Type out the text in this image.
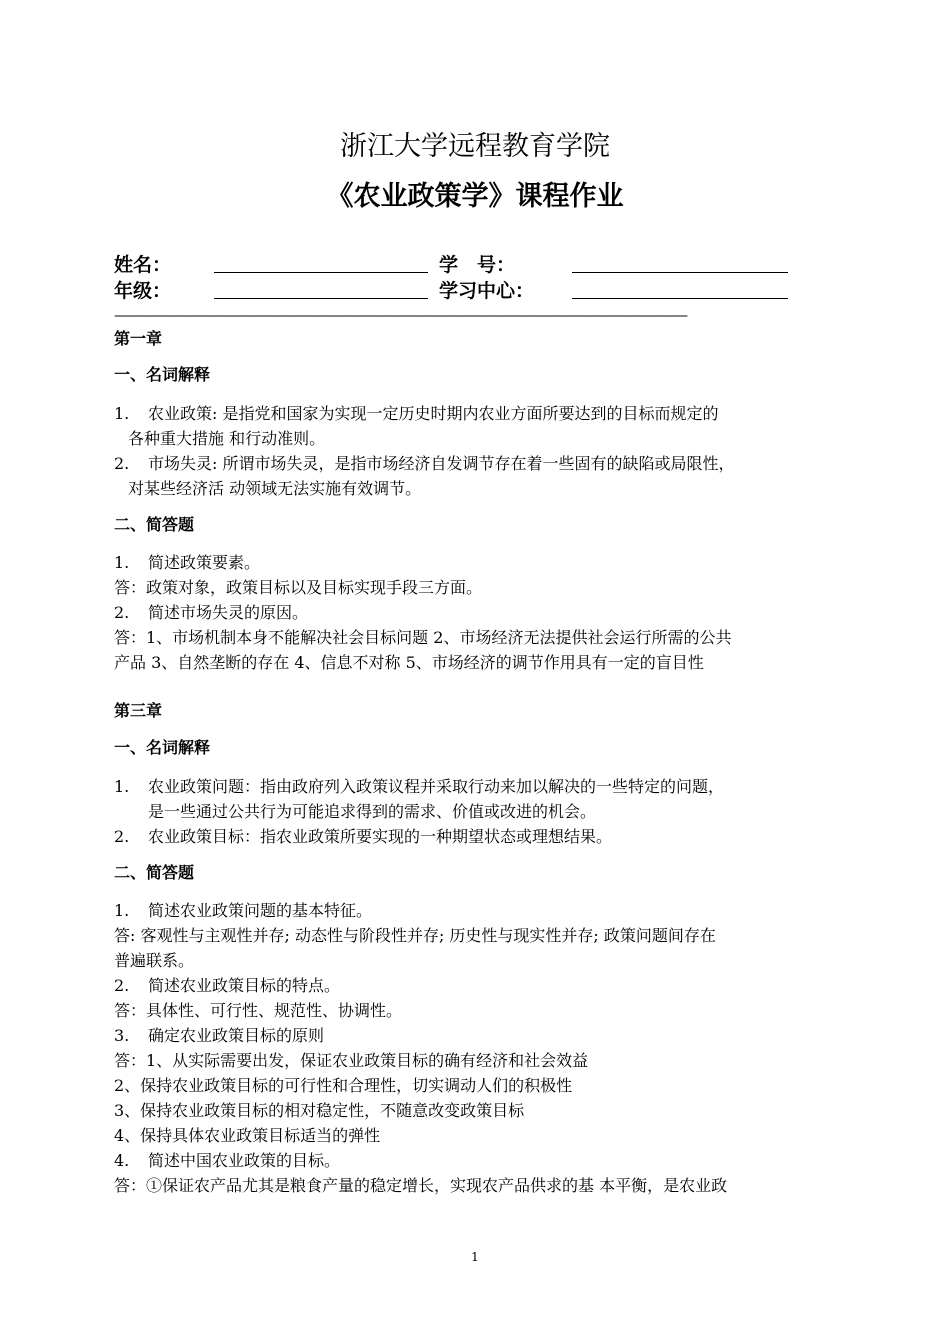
浙江大学远程教育学院
《农业政策学》课程作业
姓名：	学　号：
年级：	学习中心：
————————————————————————————————————————————
第一章
一、名词解释
1. 农业政策: 是指党和国家为实现一定历史时期内农业方面所要达到的目标而规定的
各种重大措施 和行动准则。
2. 市场失灵: 所谓市场失灵，是指市场经济自发调节存在着一些固有的缺陷或局限性，
对某些经济活 动领域无法实施有效调节。
二、简答题
1. 简述政策要素。
答：政策对象，政策目标以及目标实现手段三方面。
2. 简述市场失灵的原因。
答：1、市场机制本身不能解决社会目标问题 2、市场经济无法提供社会运行所需的公共
产品 3、自然垄断的存在 4、信息不对称 5、市场经济的调节作用具有一定的盲目性
第三章
一、名词解释
1. 农业政策问题：指由政府列入政策议程并采取行动来加以解决的一些特定的问题，
是一些通过公共行为可能追求得到的需求、价值或改进的机会。
2. 农业政策目标：指农业政策所要实现的一种期望状态或理想结果。
二、简答题
1. 简述农业政策问题的基本特征。
答: 客观性与主观性并存; 动态性与阶段性并存; 历史性与现实性并存; 政策问题间存在
普遍联系。
2. 简述农业政策目标的特点。
答：具体性、可行性、规范性、协调性。
3. 确定农业政策目标的原则
答：1、从实际需要出发，保证农业政策目标的确有经济和社会效益
2、保持农业政策目标的可行性和合理性，切实调动人们的积极性
3、保持农业政策目标的相对稳定性，不随意改变政策目标
4、保持具体农业政策目标适当的弹性
4. 简述中国农业政策的目标。
答：①保证农产品尤其是粮食产量的稳定增长，实现农产品供求的基 本平衡，是农业政
1
